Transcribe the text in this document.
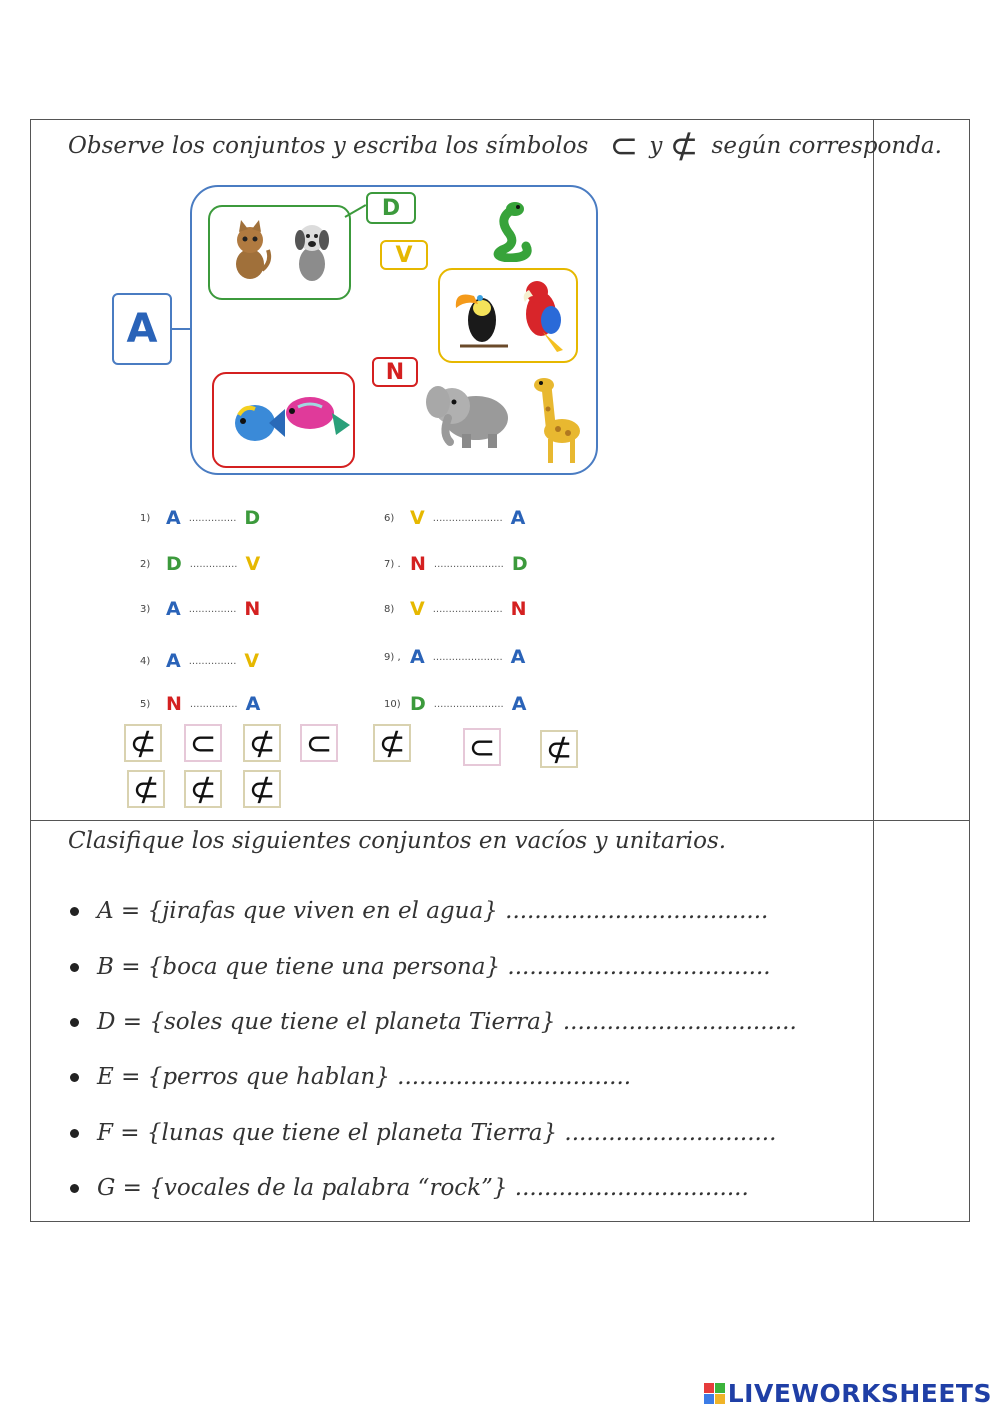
Observe los conjuntos y escriba los símbolos ⊂ y ⊄ según corresponda.
A
D
V
N
1) A ............... D
2) D ............... V
3) A ............... N
4) A ............... V
5) N ............... A
6) V ...................... A
7) . N ...................... D
8) V ...................... N
9) , A ...................... A
10) D ...................... A
⊄ ⊂ ⊄ ⊂ ⊄ ⊂ ⊄
⊄ ⊄ ⊄
Clasifique los siguientes conjuntos en vacíos y unitarios.
A = {jirafas que viven en el agua} ....................................
B = {boca que tiene una persona} ....................................
D = {soles que tiene el planeta Tierra} ................................
E = {perros que hablan} ................................
F = {lunas que tiene el planeta Tierra} .............................
G = {vocales de la palabra “rock”} ................................
LIVEWORKSHEETS
